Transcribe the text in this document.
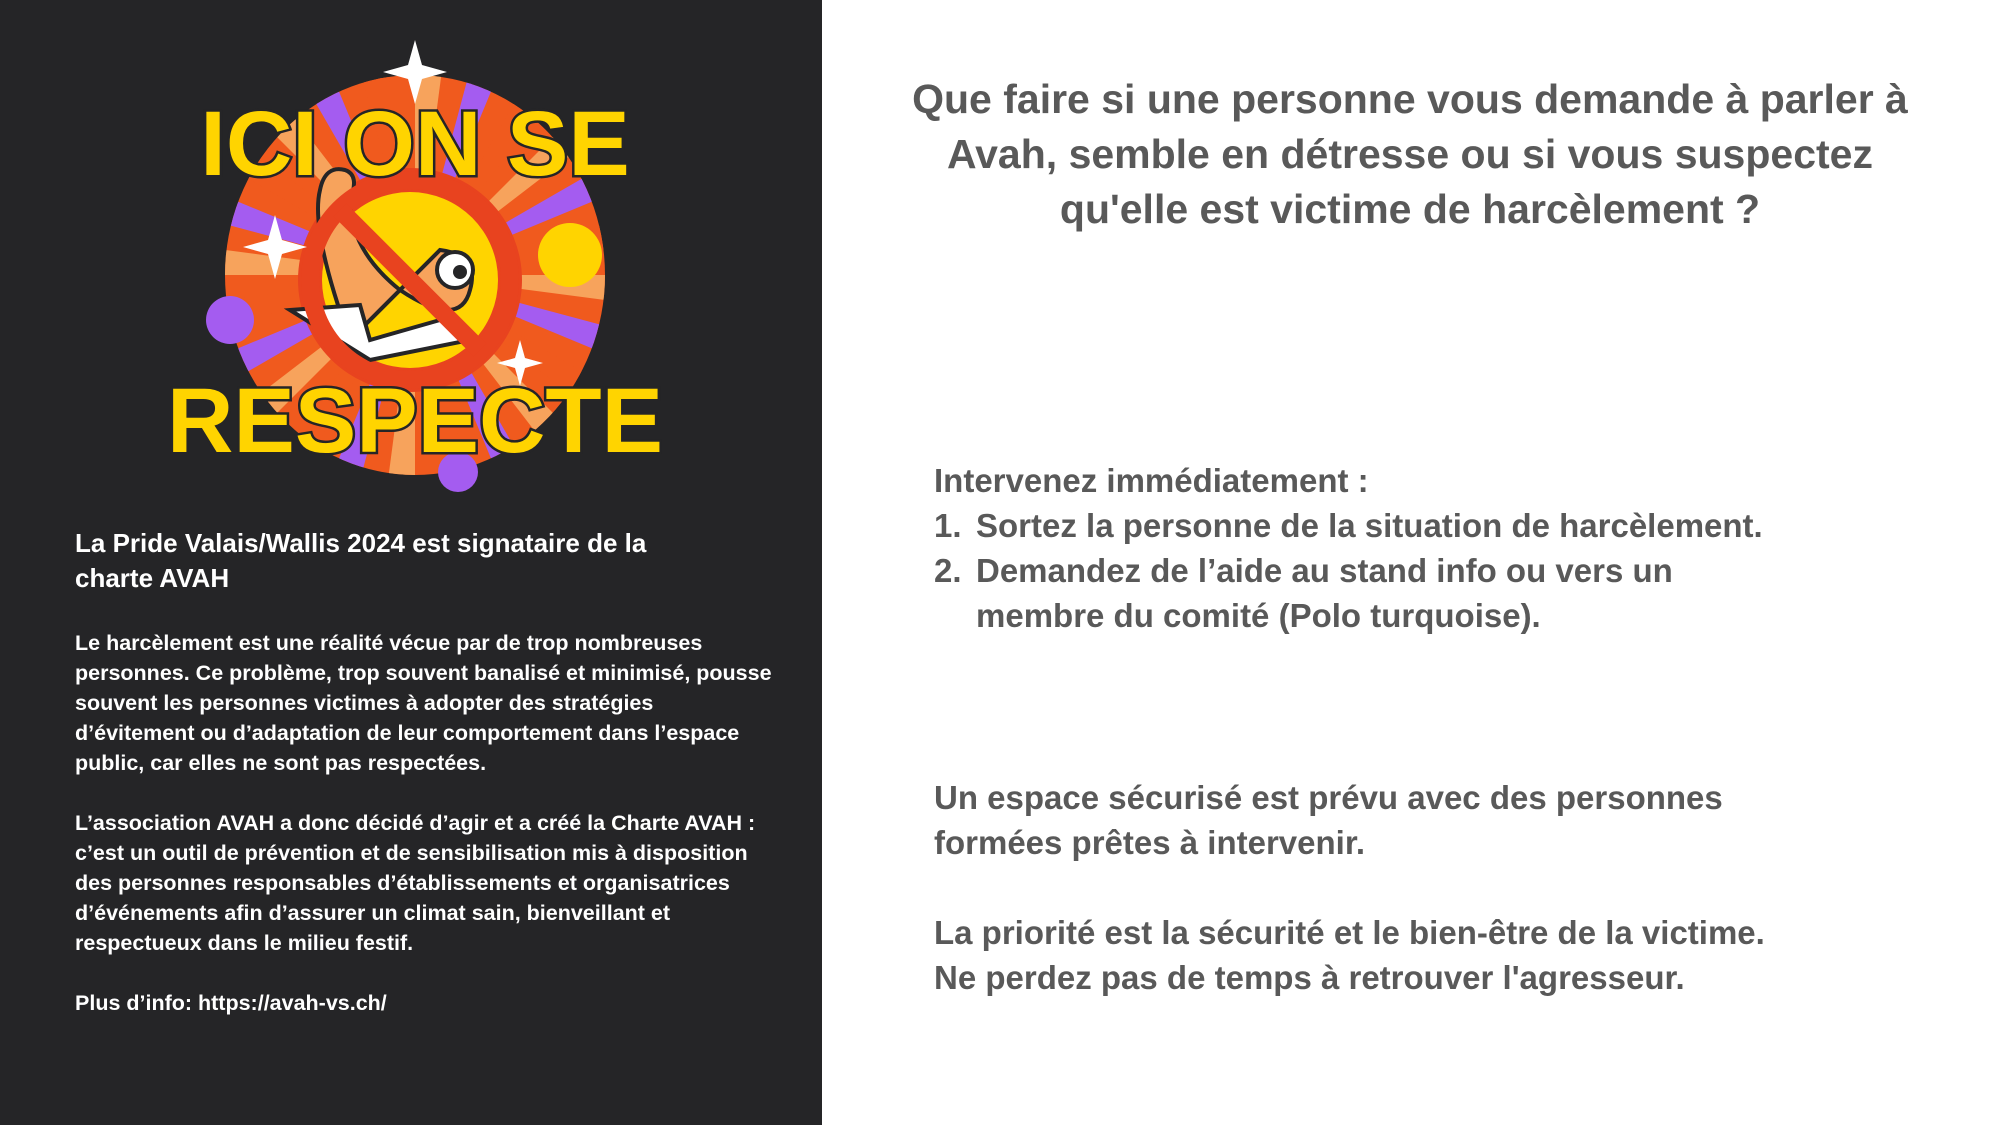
ICI ON SE
RESPECTE
La Pride Valais/Wallis 2024 est signataire de la charte AVAH

Le harcèlement est une réalité vécue par de trop nombreuses personnes. Ce problème, trop souvent banalisé et minimisé, pousse souvent les personnes victimes à adopter des stratégies d’évitement ou d’adaptation de leur comportement dans l’espace public, car elles ne sont pas respectées.

L’association AVAH a donc décidé d’agir et a créé la Charte AVAH : c’est un outil de prévention et de sensibilisation mis à disposition des personnes responsables d’établissements et organisatrices d’événements afin d’assurer un climat sain, bienveillant et respectueux dans le milieu festif.

Plus d’info: https://avah-vs.ch/

Que faire si une personne vous demande à parler à Avah, semble en détresse ou si vous suspectez qu'elle est victime de harcèlement ?

Intervenez immédiatement :

1. Sortez la personne de la situation de harcèlement.
2. Demandez de l’aide au stand info ou vers un membre du comité (Polo turquoise).

Un espace sécurisé est prévu avec des personnes formées prêtes à intervenir.

La priorité est la sécurité et le bien-être de la victime.

Ne perdez pas de temps à retrouver l'agresseur.
